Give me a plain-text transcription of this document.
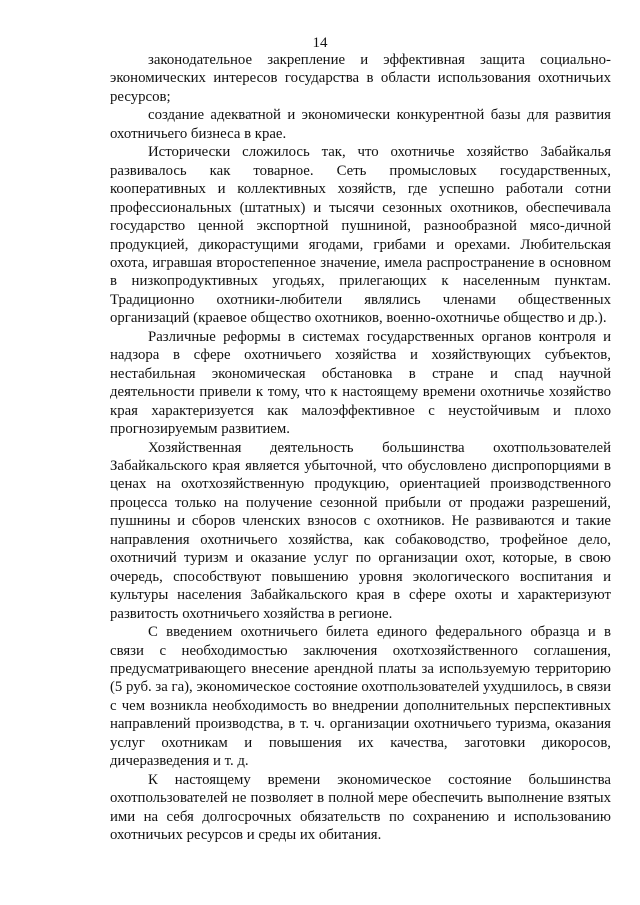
14

законодательное закрепление и эффективная защита социально-экономических интересов государства в области использования охотничьих ресурсов;

создание адекватной и экономически конкурентной базы для развития охотничьего бизнеса в крае.

Исторически сложилось так, что охотничье хозяйство Забайкалья развивалось как товарное. Сеть промысловых государственных, кооперативных и коллективных хозяйств, где успешно работали сотни профессиональных (штатных) и тысячи сезонных охотников, обеспечивала государство ценной экспортной пушниной, разнообразной мясо-дичной продукцией, дикорастущими ягодами, грибами и орехами. Любительская охота, игравшая второстепенное значение, имела распространение в основном в низкопродуктивных угодьях, прилегающих к населенным пунктам. Традиционно охотники-любители являлись членами общественных организаций (краевое общество охотников, военно-охотничье общество и др.).

Различные реформы в системах государственных органов контроля и надзора в сфере охотничьего хозяйства и хозяйствующих субъектов, нестабильная экономическая обстановка в стране и спад научной деятельности привели к тому, что к настоящему времени охотничье хозяйство края характеризуется как малоэффективное с неустойчивым и плохо прогнозируемым развитием.

Хозяйственная деятельность большинства охотпользователей Забайкальского края является убыточной, что обусловлено диспропорциями в ценах на охотхозяйственную продукцию, ориентацией производственного процесса только на получение сезонной прибыли от продажи разрешений, пушнины и сборов членских взносов с охотников. Не развиваются и такие направления охотничьего хозяйства, как собаководство, трофейное дело, охотничий туризм и оказание услуг по организации охот, которые, в свою очередь, способствуют повышению уровня экологического воспитания и культуры населения Забайкальского края в сфере охоты и характеризуют развитость охотничьего хозяйства в регионе.

С введением охотничьего билета единого федерального образца и в связи с необходимостью заключения охотхозяйственного соглашения, предусматривающего внесение арендной платы за используемую территорию (5 руб. за га), экономическое состояние охотпользователей ухудшилось, в связи с чем возникла необходимость во внедрении дополнительных перспективных направлений производства, в т. ч. организации охотничьего туризма, оказания услуг охотникам и повышения их качества, заготовки дикоросов, дичеразведения и т. д.

К настоящему времени экономическое состояние большинства охотпользователей не позволяет в полной мере обеспечить выполнение взятых ими на себя долгосрочных обязательств по сохранению и использованию охотничьих ресурсов и среды их обитания.
